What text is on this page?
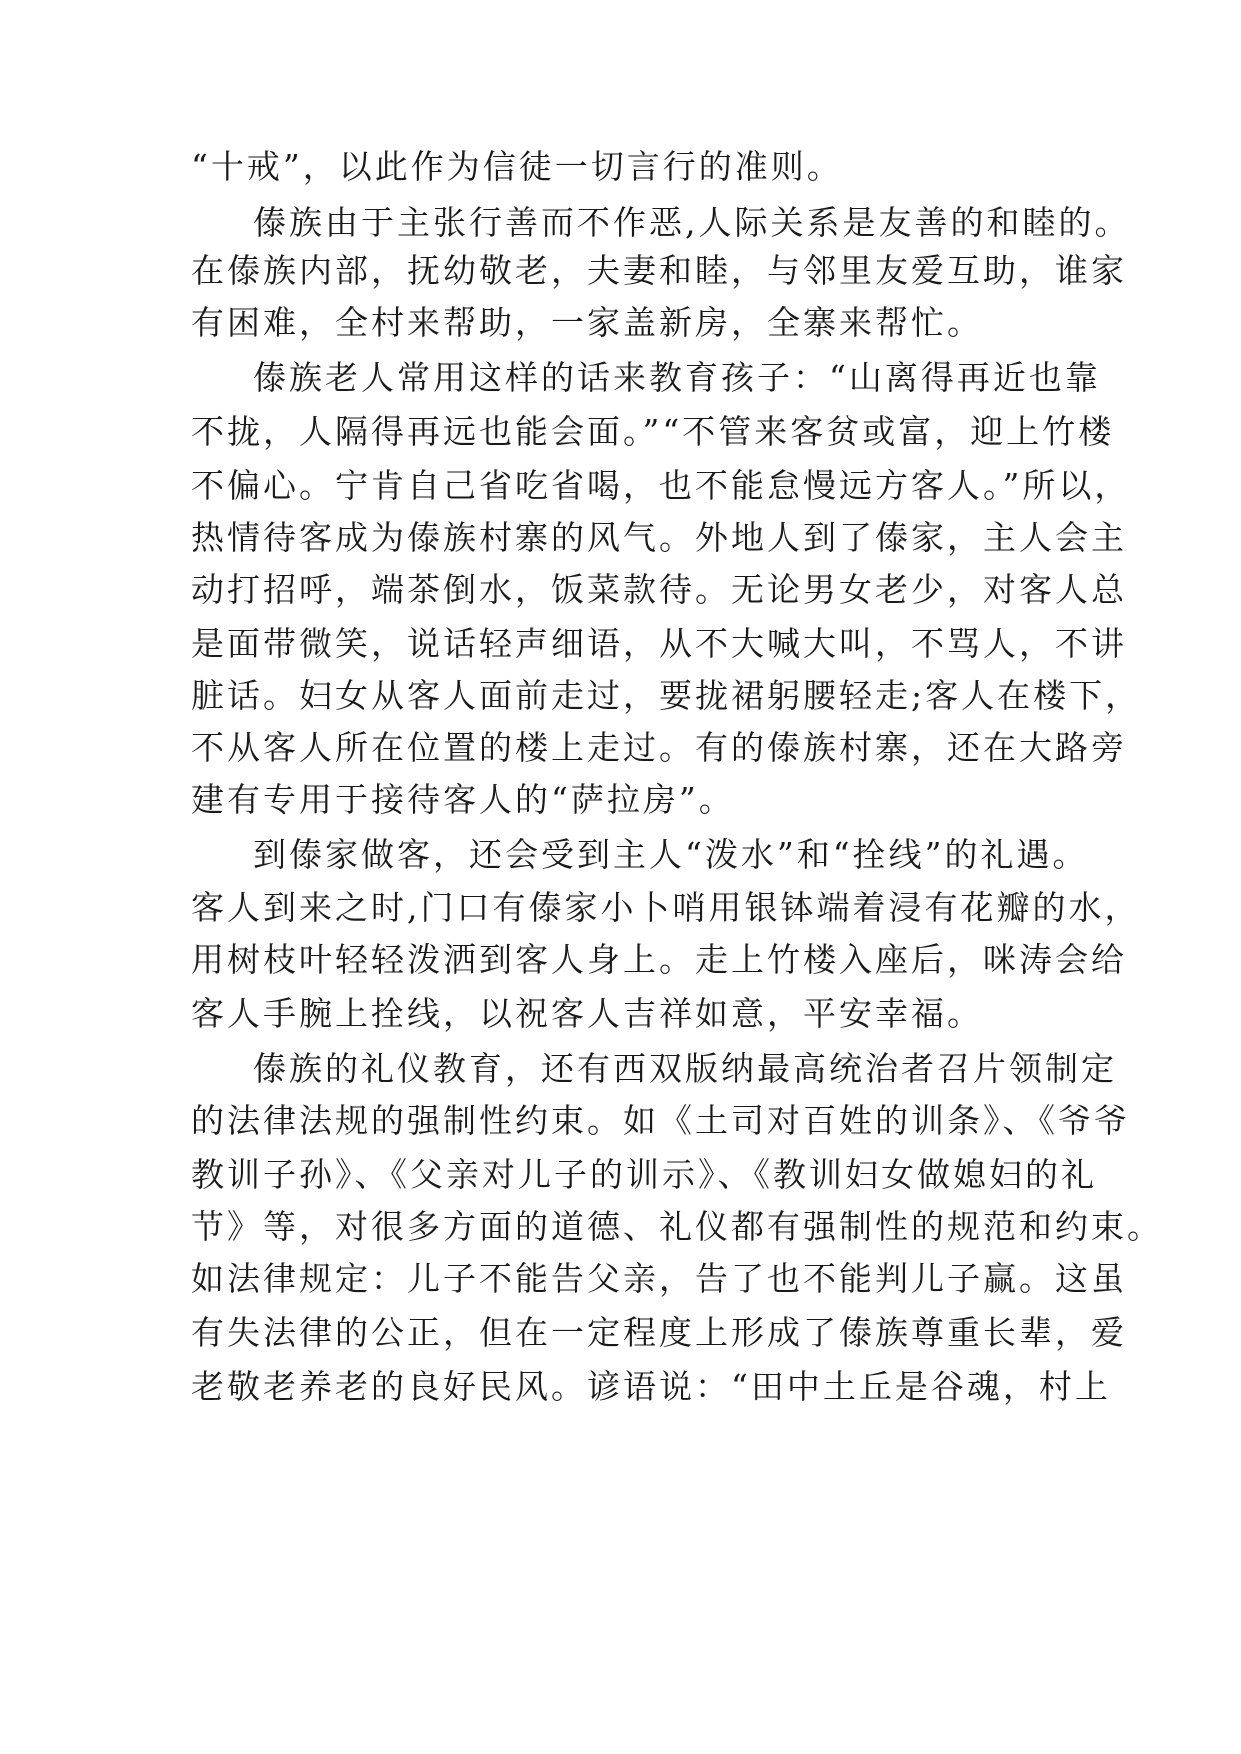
“十戒”，以此作为信徒一切言行的准则。
傣族由于主张行善而不作恶,人际关系是友善的和睦的。
在傣族内部，抚幼敬老，夫妻和睦，与邻里友爱互助，谁家
有困难，全村来帮助，一家盖新房，全寨来帮忙。
傣族老人常用这样的话来教育孩子：“山离得再近也靠
不拢，人隔得再远也能会面。”“不管来客贫或富，迎上竹楼
不偏心。宁肯自己省吃省喝，也不能怠慢远方客人。”所以，
热情待客成为傣族村寨的风气。外地人到了傣家，主人会主
动打招呼，端茶倒水，饭菜款待。无论男女老少，对客人总
是面带微笑，说话轻声细语，从不大喊大叫，不骂人，不讲
脏话。妇女从客人面前走过，要拢裙躬腰轻走;客人在楼下，
不从客人所在位置的楼上走过。有的傣族村寨，还在大路旁
建有专用于接待客人的“萨拉房”。
到傣家做客，还会受到主人“泼水”和“拴线”的礼遇。
客人到来之时,门口有傣家小卜哨用银钵端着浸有花瓣的水，
用树枝叶轻轻泼洒到客人身上。走上竹楼入座后，咪涛会给
客人手腕上拴线，以祝客人吉祥如意，平安幸福。
傣族的礼仪教育，还有西双版纳最高统治者召片领制定
的法律法规的强制性约束。如《土司对百姓的训条》、《爷爷
教训子孙》、《父亲对儿子的训示》、《教训妇女做媳妇的礼
节》等，对很多方面的道德、礼仪都有强制性的规范和约束。
如法律规定：儿子不能告父亲，告了也不能判儿子赢。这虽
有失法律的公正，但在一定程度上形成了傣族尊重长辈，爱
老敬老养老的良好民风。谚语说：“田中土丘是谷魂，村上
